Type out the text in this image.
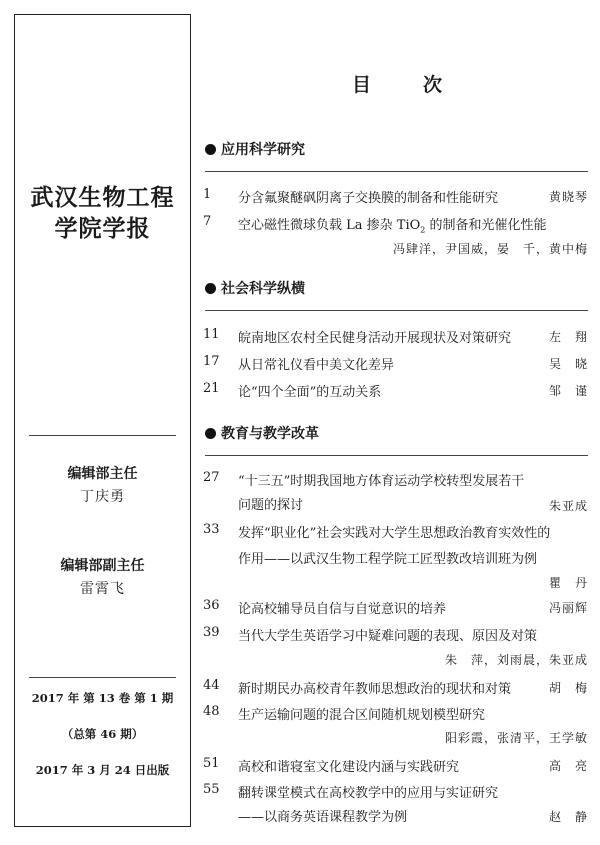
武汉生物工程
学院学报
编辑部主任
丁庆勇
编辑部副主任
雷霄飞
2017 年 第 13 卷 第 1 期
（总第 46 期）
2017 年 3 月 24 日出版
目次
应用科学研究
1 分含氟聚醚砜阴离子交换膜的制备和性能研究	黄晓琴
7 空心磁性微球负载 La 掺杂 TiO$_2$ 的制备和光催化性能
冯肆洋，尹国威，晏　千，黄中梅
社会科学纵横
11 皖南地区农村全民健身活动开展现状及对策研究	左　翔
17 从日常礼仪看中美文化差异	吴　晓
21 论“四个全面”的互动关系	邹　谨
教育与教学改革
27 “十三五”时期我国地方体育运动学校转型发展若干
问题的探讨	朱亚成
33 发挥“职业化”社会实践对大学生思想政治教育实效性的
作用——以武汉生物工程学院工匠型教改培训班为例
瞿　丹
36 论高校辅导员自信与自觉意识的培养	冯丽辉
39 当代大学生英语学习中疑难问题的表现、原因及对策
朱　萍，刘雨晨，朱亚成
44 新时期民办高校青年教师思想政治的现状和对策	胡　梅
48 生产运输问题的混合区间随机规划模型研究
阳彩霞，张清平，王学敏
51 高校和谐寝室文化建设内涵与实践研究	高　亮
55 翻转课堂模式在高校教学中的应用与实证研究
——以商务英语课程教学为例	赵　静
